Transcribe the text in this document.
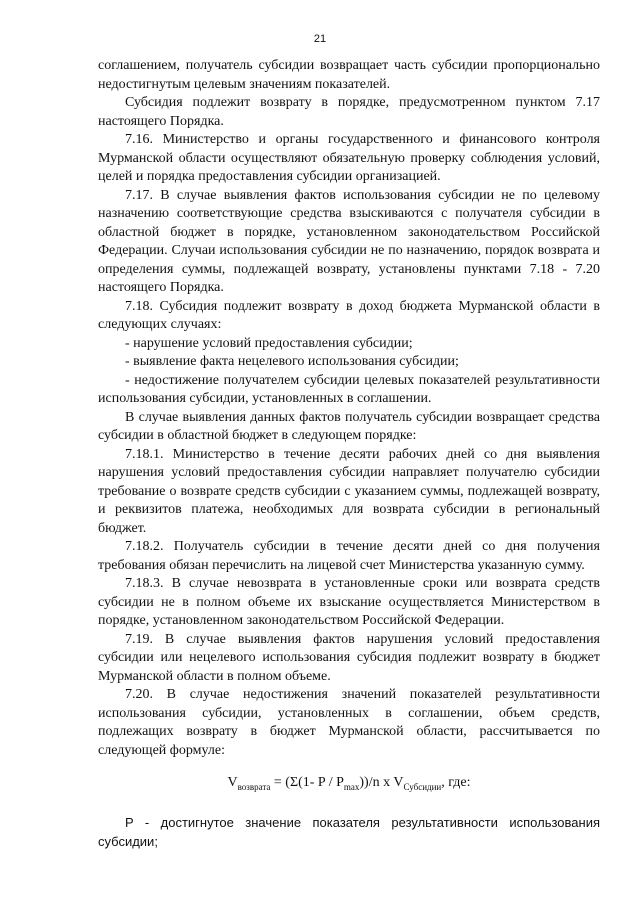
21

соглашением, получатель субсидии возвращает часть субсидии пропорционально недостигнутым целевым значениям показателей.

Субсидия подлежит возврату в порядке, предусмотренном пунктом 7.17 настоящего Порядка.

7.16. Министерство и органы государственного и финансового контроля Мурманской области осуществляют обязательную проверку соблюдения условий, целей и порядка предоставления субсидии организацией.

7.17. В случае выявления фактов использования субсидии не по целевому назначению соответствующие средства взыскиваются с получателя субсидии в областной бюджет в порядке, установленном законодательством Российской Федерации. Случаи использования субсидии не по назначению, порядок возврата и определения суммы, подлежащей возврату, установлены пунктами 7.18 - 7.20 настоящего Порядка.

7.18. Субсидия подлежит возврату в доход бюджета Мурманской области в следующих случаях:

- нарушение условий предоставления субсидии;

- выявление факта нецелевого использования субсидии;

- недостижение получателем субсидии целевых показателей результативности использования субсидии, установленных в соглашении.

В случае выявления данных фактов получатель субсидии возвращает средства субсидии в областной бюджет в следующем порядке:

7.18.1. Министерство в течение десяти рабочих дней со дня выявления нарушения условий предоставления субсидии направляет получателю субсидии требование о возврате средств субсидии с указанием суммы, подлежащей возврату, и реквизитов платежа, необходимых для возврата субсидии в региональный бюджет.

7.18.2. Получатель субсидии в течение десяти дней со дня получения требования обязан перечислить на лицевой счет Министерства указанную сумму.

7.18.3. В случае невозврата в установленные сроки или возврата средств субсидии не в полном объеме их взыскание осуществляется Министерством в порядке, установленном законодательством Российской Федерации.

7.19. В случае выявления фактов нарушения условий предоставления субсидии или нецелевого использования субсидия подлежит возврату в бюджет Мурманской области в полном объеме.

7.20. В случае недостижения значений показателей результативности использования субсидии, установленных в соглашении, объем средств, подлежащих возврату в бюджет Мурманской области, рассчитывается по следующей формуле:

$V_{возврата} = (\Sigma(1-$ P / $P_{max}))/n$ x $V_{Субсидии}$, где:

P - достигнутое значение показателя результативности использования субсидии;
